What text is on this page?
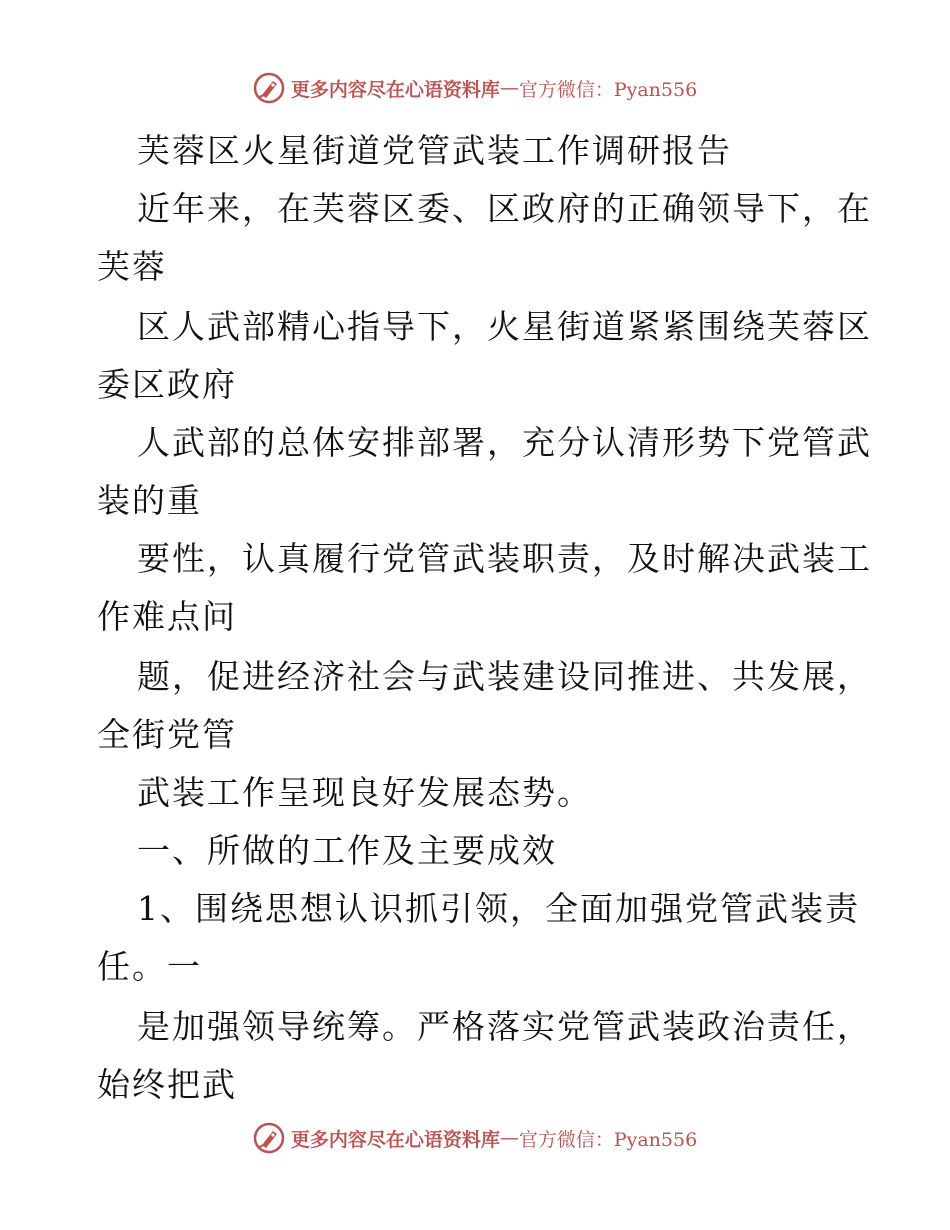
更多内容尽在心语资料库 — 官方微信：Pyan556
芙蓉区火星街道党管武装工作调研报告
近年来，在芙蓉区委、区政府的正确领导下，在
芙蓉
区人武部精心指导下，火星街道紧紧围绕芙蓉区
委区政府
人武部的总体安排部署，充分认清形势下党管武
装的重
要性，认真履行党管武装职责，及时解决武装工
作难点问
题，促进经济社会与武装建设同推进、共发展，
全街党管
武装工作呈现良好发展态势。
一、所做的工作及主要成效
1、围绕思想认识抓引领，全面加强党管武装责
任。一
是加强领导统筹。严格落实党管武装政治责任，
始终把武
更多内容尽在心语资料库 — 官方微信：Pyan556
